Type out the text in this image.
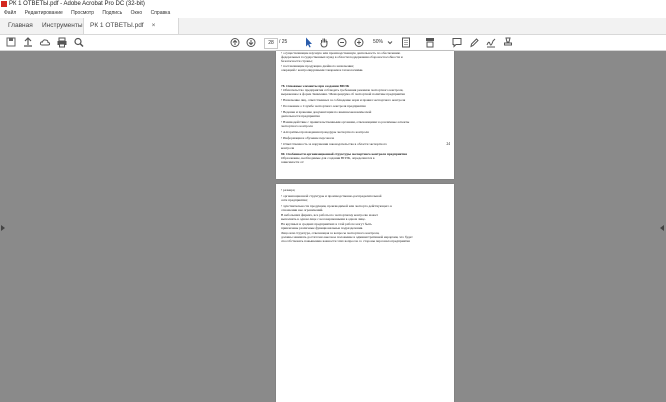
РК 1 ОТВЕТЫ.pdf - Adobe Acrobat Pro DC (32-bit)
Файл Редактирование Просмотр Подпись Окно Справка
Главная Инструменты	РК 1 ОТВЕТЫ.pdf ×
28	/ 25	50%
• осуществляющие научную или производственную деятельность по обеспечению
федеральных государственных нужд в области поддержания обороноспособности и
безопасности страны;
• поставляющие продукцию двойного назначения;
операций с контролируемыми товарами и технологиями.
78. Основные элементы при создании ВПЭК
• Обязательство предприятия соблюдать требования режимов экспортного контроля,
выраженное в форме Заявления / Меморандума об экспортной политике предприятия
• Назначение лиц, ответственных за соблюдение норм и правил экспортного контроля
• Положение о Службе экспортного контроля предприятия
• Ведение и хранение документации по внешнеэкономической
деятельности предприятия
• Взаимодействие с правительственными органами, отвечающими за различные аспекты
экспортного контроля
• Алгоритмы прохождения процедуры экспортного контроля
• Информация и обучение персонала
• Ответственность за нарушения законодательства в области экспортного
контроля
80. Особенности организационной структуры экспортного контроля предприятия
Образование, необходимые для создания ВПЭК, определяются в
зависимости от:
24
• размера;
• организационной структуры и производственно-распределительной
сети предприятия;
• чувствительности продукции, производимой или экспорта действующего в
отношении нее ограничений.
В небольших фирмах, все работы по экспортному контролю может
выполнять в одном лице с несовершенными в одном лице.
На крупных и средних предприятиях в этой работе могут быть
привлечены различные функциональные подразделения.
Лицо или структура, отвечающая за вопросы экспортного контроля,
должны занимать достаточно высокое положение в административной иерархии, что будет
способствовать повышению важности этих вопросов со стороны персонала предприятия
